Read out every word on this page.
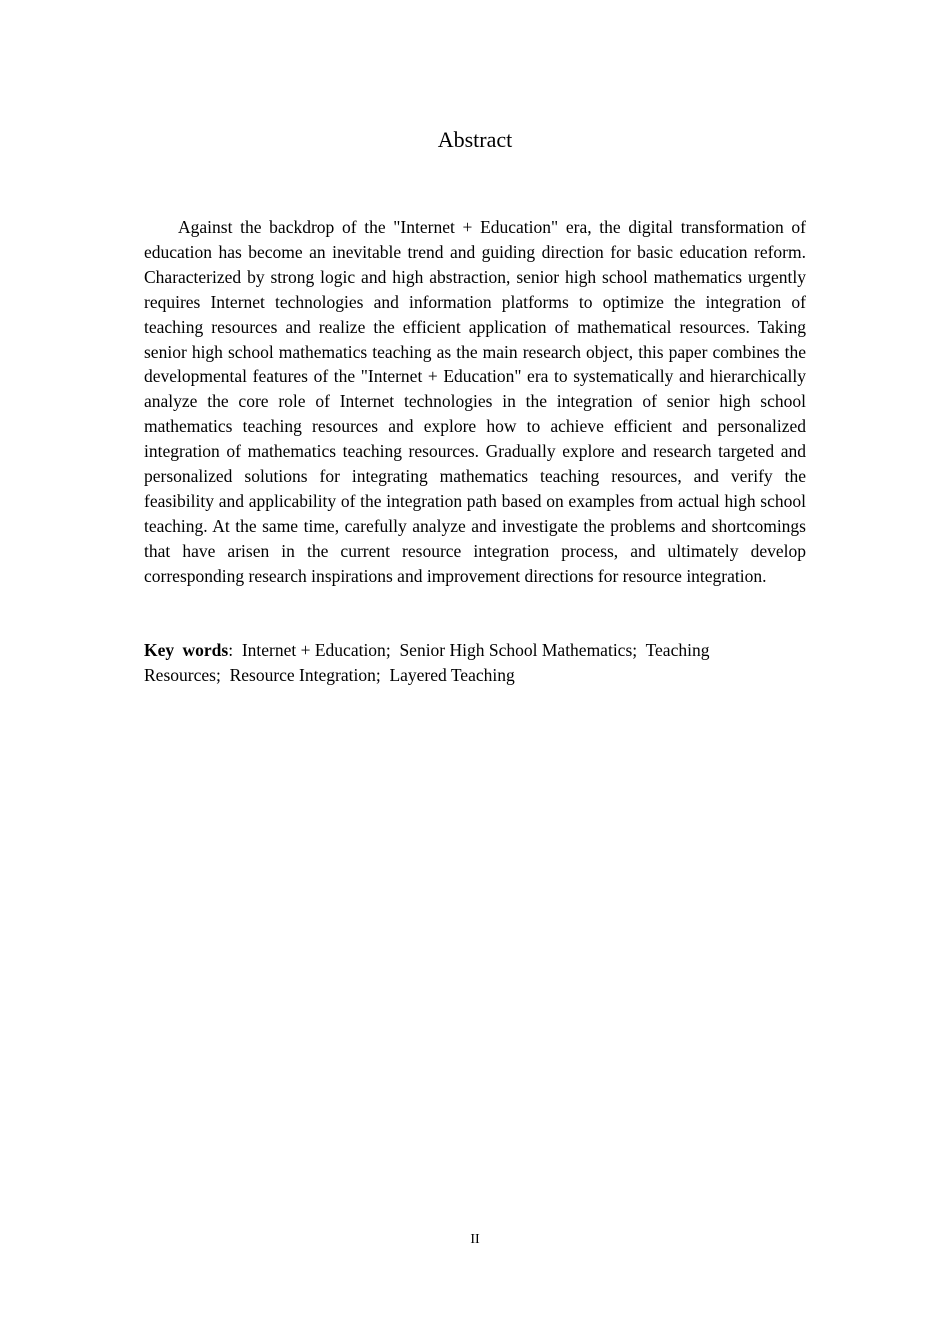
Abstract

Against the backdrop of the "Internet + Education" era, the digital transformation of education has become an inevitable trend and guiding direction for basic education reform. Characterized by strong logic and high abstraction, senior high school mathematics urgently requires Internet technologies and information platforms to optimize the integration of teaching resources and realize the efficient application of mathematical resources. Taking senior high school mathematics teaching as the main research object, this paper combines the developmental features of the "Internet + Education" era to systematically and hierarchically analyze the core role of Internet technologies in the integration of senior high school mathematics teaching resources and explore how to achieve efficient and personalized integration of mathematics teaching resources. Gradually explore and research targeted and personalized solutions for integrating mathematics teaching resources, and verify the feasibility and applicability of the integration path based on examples from actual high school teaching. At the same time, carefully analyze and investigate the problems and shortcomings that have arisen in the current resource integration process, and ultimately develop corresponding research inspirations and improvement directions for resource integration.

Key words: Internet + Education;  Senior High School Mathematics;  Teaching Resources;  Resource Integration;  Layered Teaching

II
